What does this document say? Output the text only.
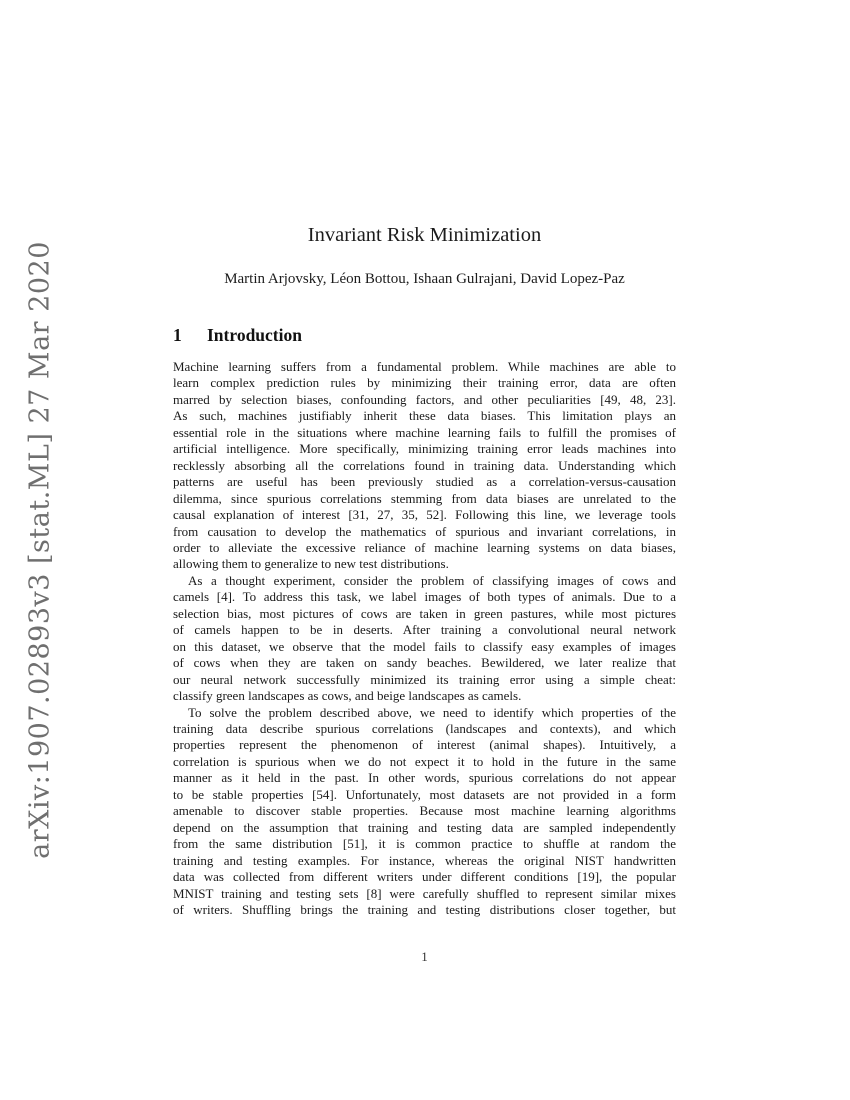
arXiv:1907.02893v3 [stat.ML] 27 Mar 2020
Invariant Risk Minimization
Martin Arjovsky, Léon Bottou, Ishaan Gulrajani, David Lopez-Paz
1 Introduction
Machine learning suffers from a fundamental problem. While machines are able to
learn complex prediction rules by minimizing their training error, data are often
marred by selection biases, confounding factors, and other peculiarities [49, 48, 23].
As such, machines justifiably inherit these data biases. This limitation plays an
essential role in the situations where machine learning fails to fulfill the promises of
artificial intelligence. More specifically, minimizing training error leads machines into
recklessly absorbing all the correlations found in training data. Understanding which
patterns are useful has been previously studied as a correlation-versus-causation
dilemma, since spurious correlations stemming from data biases are unrelated to the
causal explanation of interest [31, 27, 35, 52]. Following this line, we leverage tools
from causation to develop the mathematics of spurious and invariant correlations, in
order to alleviate the excessive reliance of machine learning systems on data biases,
allowing them to generalize to new test distributions.
As a thought experiment, consider the problem of classifying images of cows and
camels [4]. To address this task, we label images of both types of animals. Due to a
selection bias, most pictures of cows are taken in green pastures, while most pictures
of camels happen to be in deserts. After training a convolutional neural network
on this dataset, we observe that the model fails to classify easy examples of images
of cows when they are taken on sandy beaches. Bewildered, we later realize that
our neural network successfully minimized its training error using a simple cheat:
classify green landscapes as cows, and beige landscapes as camels.
To solve the problem described above, we need to identify which properties of the
training data describe spurious correlations (landscapes and contexts), and which
properties represent the phenomenon of interest (animal shapes). Intuitively, a
correlation is spurious when we do not expect it to hold in the future in the same
manner as it held in the past. In other words, spurious correlations do not appear
to be stable properties [54]. Unfortunately, most datasets are not provided in a form
amenable to discover stable properties. Because most machine learning algorithms
depend on the assumption that training and testing data are sampled independently
from the same distribution [51], it is common practice to shuffle at random the
training and testing examples. For instance, whereas the original NIST handwritten
data was collected from different writers under different conditions [19], the popular
MNIST training and testing sets [8] were carefully shuffled to represent similar mixes
of writers. Shuffling brings the training and testing distributions closer together, but
1
